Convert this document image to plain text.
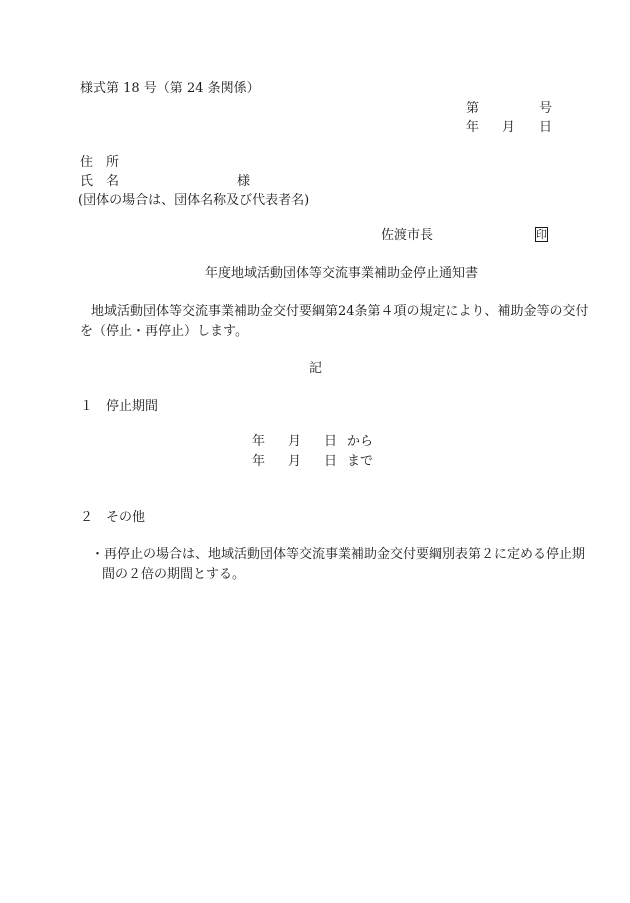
様式第 18 号（第 24 条関係）
第	号
年 月 日
住　所
氏　名	様
(団体の場合は、団体名称及び代表者名)
佐渡市長	印
年度地域活動団体等交流事業補助金停止通知書
地域活動団体等交流事業補助金交付要綱第24条第４項の規定により、補助金等の交付
を（停止・再停止）します。
記
１　停止期間
年 月 日 から
年 月 日 まで
２　その他
・再停止の場合は、地域活動団体等交流事業補助金交付要綱別表第２に定める停止期
間の２倍の期間とする。
